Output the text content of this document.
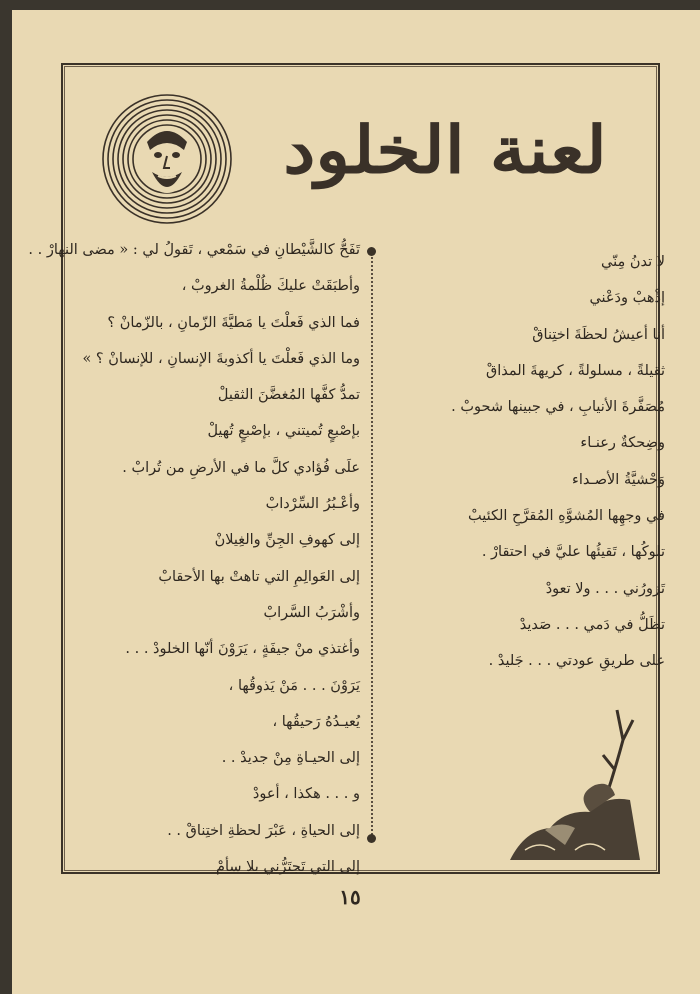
لعنة الخلود
لا تدنُ مِنّي
إذْهبْ ودَعْني
أنا أعيشُ لحظَةَ اختِناقْ
ثقيلةً ، مسلولةً ، كريهةَ المذاقْ
مُصَفَّرةَ الأنيابِ ، في جبينها شحوبْ .
وضِحكةٌ رعنـاء
وَحْشيَّةُ الأصـداء
في وجهِها المُشوَّهِ المُقرَّحِ الكئيبْ
تلوكُها ، تَقيئُها عليَّ في احتقارْ .
تَزورُني . . . ولا تعودْ
تظَلُّ في دَمي . . . صَديدْ
على طريقِ عودتي . . . جَليدْ .
تَفَحُّ كالشَّيْطانِ في سَمْعي ، تَقولُ لي : « مضى النهارْ . .
وأطبَقَتْ عليكَ ظُلْمةُ الغروبْ ،
فما الذي فَعلْتَ يا مَطيَّةَ الزّمانِ ، بالزّمانْ ؟
وما الذي فَعلْتَ يا أكذوبةَ الإنسانِ ، للإنسانْ ؟ »
تمدُّ كفَّها المُغضَّنَ الثقيلْ
بإصْبعٍ تُميتني ، بإصْبعٍ تُهيلْ
علَى فُؤادي كلَّ ما في الأرضِ من تُرابْ .
وأعْـبُرُ السِّرْدابْ
إلى كهوفِ الجِنِّ والغِيلانْ
إلى العَوالِمِ التي تاهتْ بها الأحقابْ
وأشْرَبُ السَّرابْ
وأغتذي منْ جيفَةٍ ، يَرَوْنَ أنّها الخلودْ . . .
يَرَوْنَ . . . مَنْ يَذوقُها ،
يُعيـدُهُ رَحيقُها ،
إلى الحيـاةِ مِنْ جديدْ . .
و . . . هكذا ، أعودْ
إلى الحياةِ ، عَبْرَ لحظةِ اختِناقْ . .
إلى التي تَجتَرُّني بلا سأمْ
١٥
